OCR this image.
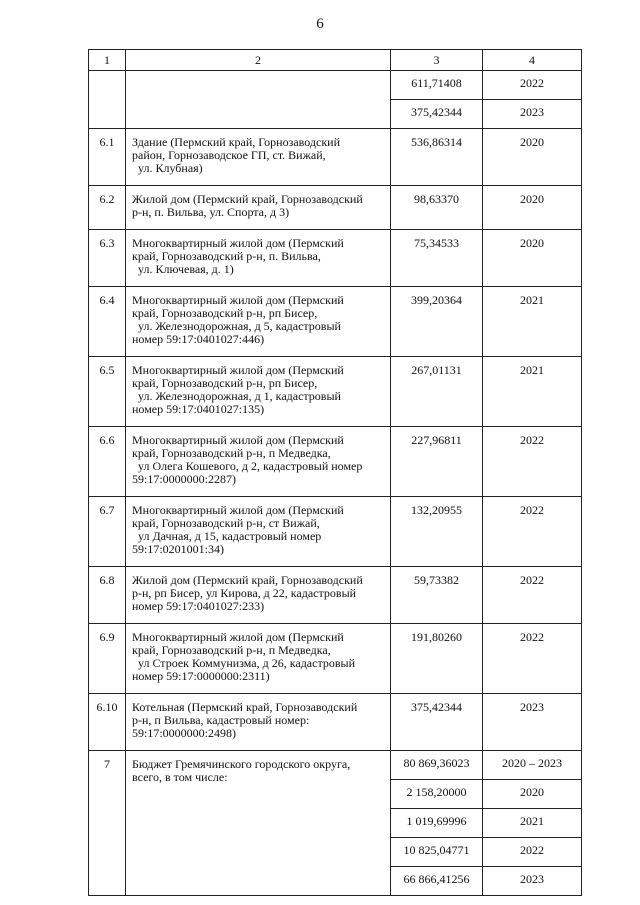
6
1	2	3	4
		611,71408	2022
		375,42344	2023
6.1	Здание (Пермский край, Горнозаводский
район, Горнозаводское ГП, ст. Вижай,
ул. Клубная)	536,86314	2020
6.2	Жилой дом (Пермский край, Горнозаводский
р-н, п. Вильва, ул. Спорта, д 3)	98,63370	2020
6.3	Многоквартирный жилой дом (Пермский
край, Горнозаводский р-н, п. Вильва,
ул. Ключевая, д. 1)	75,34533	2020
6.4	Многоквартирный жилой дом (Пермский
край, Горнозаводский р-н, рп Бисер,
ул. Железнодорожная, д 5, кадастровый
номер 59:17:0401027:446)	399,20364	2021
6.5	Многоквартирный жилой дом (Пермский
край, Горнозаводский р-н, рп Бисер,
ул. Железнодорожная, д 1, кадастровый
номер 59:17:0401027:135)	267,01131	2021
6.6	Многоквартирный жилой дом (Пермский
край, Горнозаводский р-н, п Медведка,
ул Олега Кошевого, д 2, кадастровый номер
59:17:0000000:2287)	227,96811	2022
6.7	Многоквартирный жилой дом (Пермский
край, Горнозаводский р-н, ст Вижай,
ул Дачная, д 15, кадастровый номер
59:17:0201001:34)	132,20955	2022
6.8	Жилой дом (Пермский край, Горнозаводский
р-н, рп Бисер, ул Кирова, д 22, кадастровый
номер 59:17:0401027:233)	59,73382	2022
6.9	Многоквартирный жилой дом (Пермский
край, Горнозаводский р-н, п Медведка,
ул Строек Коммунизма, д 26, кадастровый
номер 59:17:0000000:2311)	191,80260	2022
6.10	Котельная (Пермский край, Горнозаводский
р-н, п Вильва, кадастровый номер:
59:17:0000000:2498)	375,42344	2023
7	Бюджет Гремячинского городского округа,
всего, в том числе:	80 869,36023	2020 – 2023
		2 158,20000	2020
		1 019,69996	2021
		10 825,04771	2022
		66 866,41256	2023
